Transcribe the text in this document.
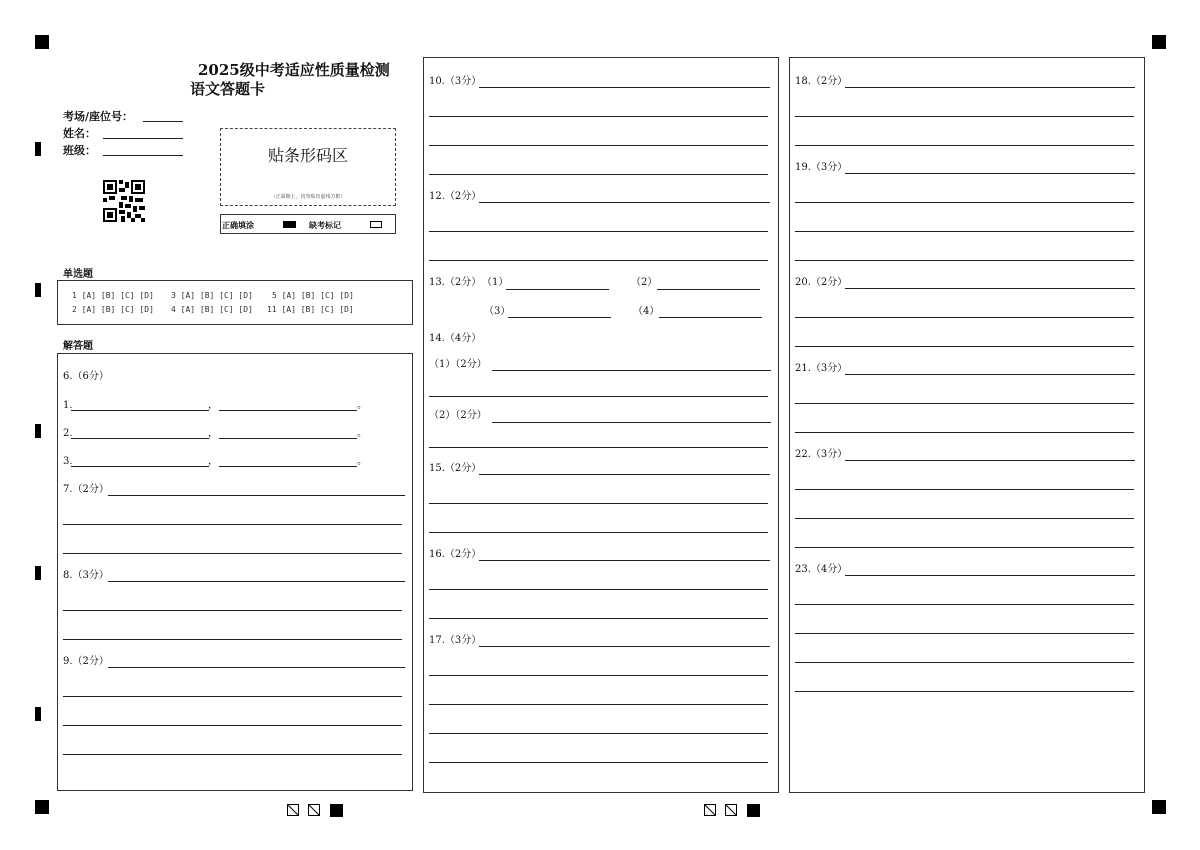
2025级中考适应性质量检测
语文答题卡
考场/座位号：
姓名：
班级：	贴条形码区
（正面朝上，切勿贴出虚线方框）
正确填涂	缺考标记
单选题
1 [A] [B] [C] [D] 3 [A] [B] [C] [D] 5 [A] [B] [C] [D]
2 [A] [B] [C] [D] 4 [A] [B] [C] [D] 11 [A] [B] [C] [D]
解答题
6.（6分）
1.	，	。
2.	，	。
3.	，	。
7.（2分）
8.（3分）
9.（2分）
10.（3分）
12.（2分）
13.（2分） （1）	（2）
（3）	（4）
14.（4分）
（1）（2分）
（2）（2分）
15.（2分）
16.（2分）
17.（3分）
18.（2分）
19.（3分）
20.（2分）
21.（3分）
22.（3分）
23.（4分）
